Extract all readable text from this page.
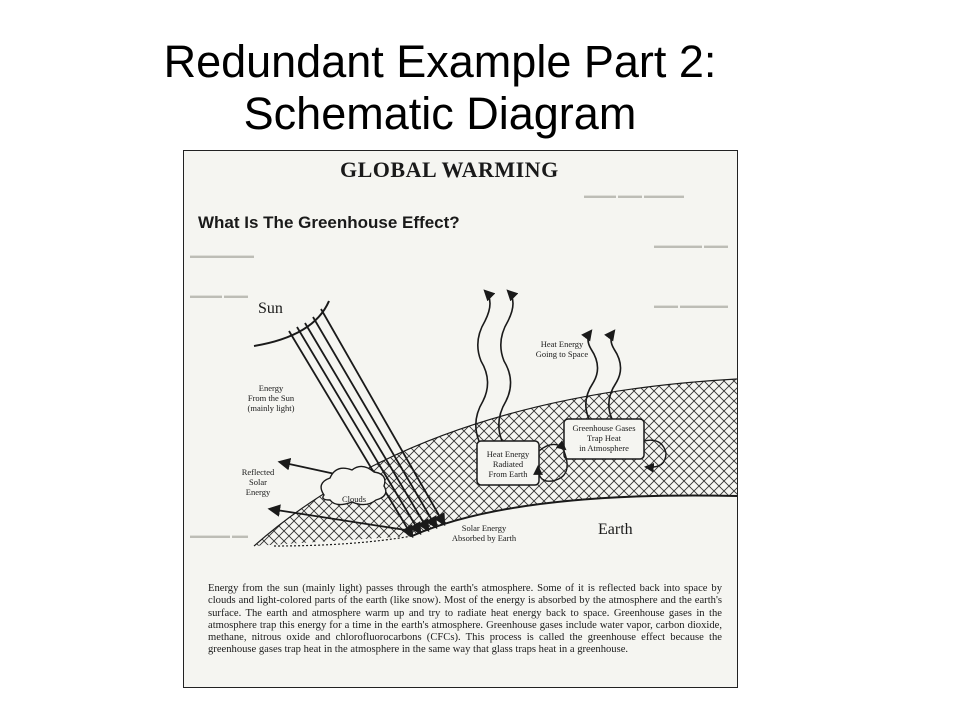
Redundant Example Part 2:
Schematic Diagram
▬▬▬▬ ▬▬▬ ▬▬▬▬▬
▬▬▬▬▬▬ ▬▬▬
▬▬▬ ▬▬▬▬▬▬
▬▬▬▬▬▬▬▬
▬▬▬▬ ▬▬▬
▬▬▬▬▬ ▬▬
GLOBAL WARMING
What Is The Greenhouse Effect?
Sun
Energy
From the Sun
(mainly light)
Reflected
Solar
Energy
Clouds
Solar Energy
Absorbed by Earth	Earth
Heat Energy
Radiated
From Earth
Heat Energy
Going to Space
Greenhouse Gases
Trap Heat
in Atmosphere
Energy from the sun (mainly light) passes through the earth's atmosphere. Some of it is reflected back into space by clouds and light-colored parts of the earth (like snow). Most of the energy is absorbed by the atmosphere and the earth's surface. The earth and atmosphere warm up and try to radiate heat energy back to space. Greenhouse gases in the atmosphere trap this energy for a time in the earth's atmosphere. Greenhouse gases include water vapor, carbon dioxide, methane, nitrous oxide and chlorofluorocarbons (CFCs). This process is called the greenhouse effect because the greenhouse gases trap heat in the atmosphere in the same way that glass traps heat in a greenhouse.
